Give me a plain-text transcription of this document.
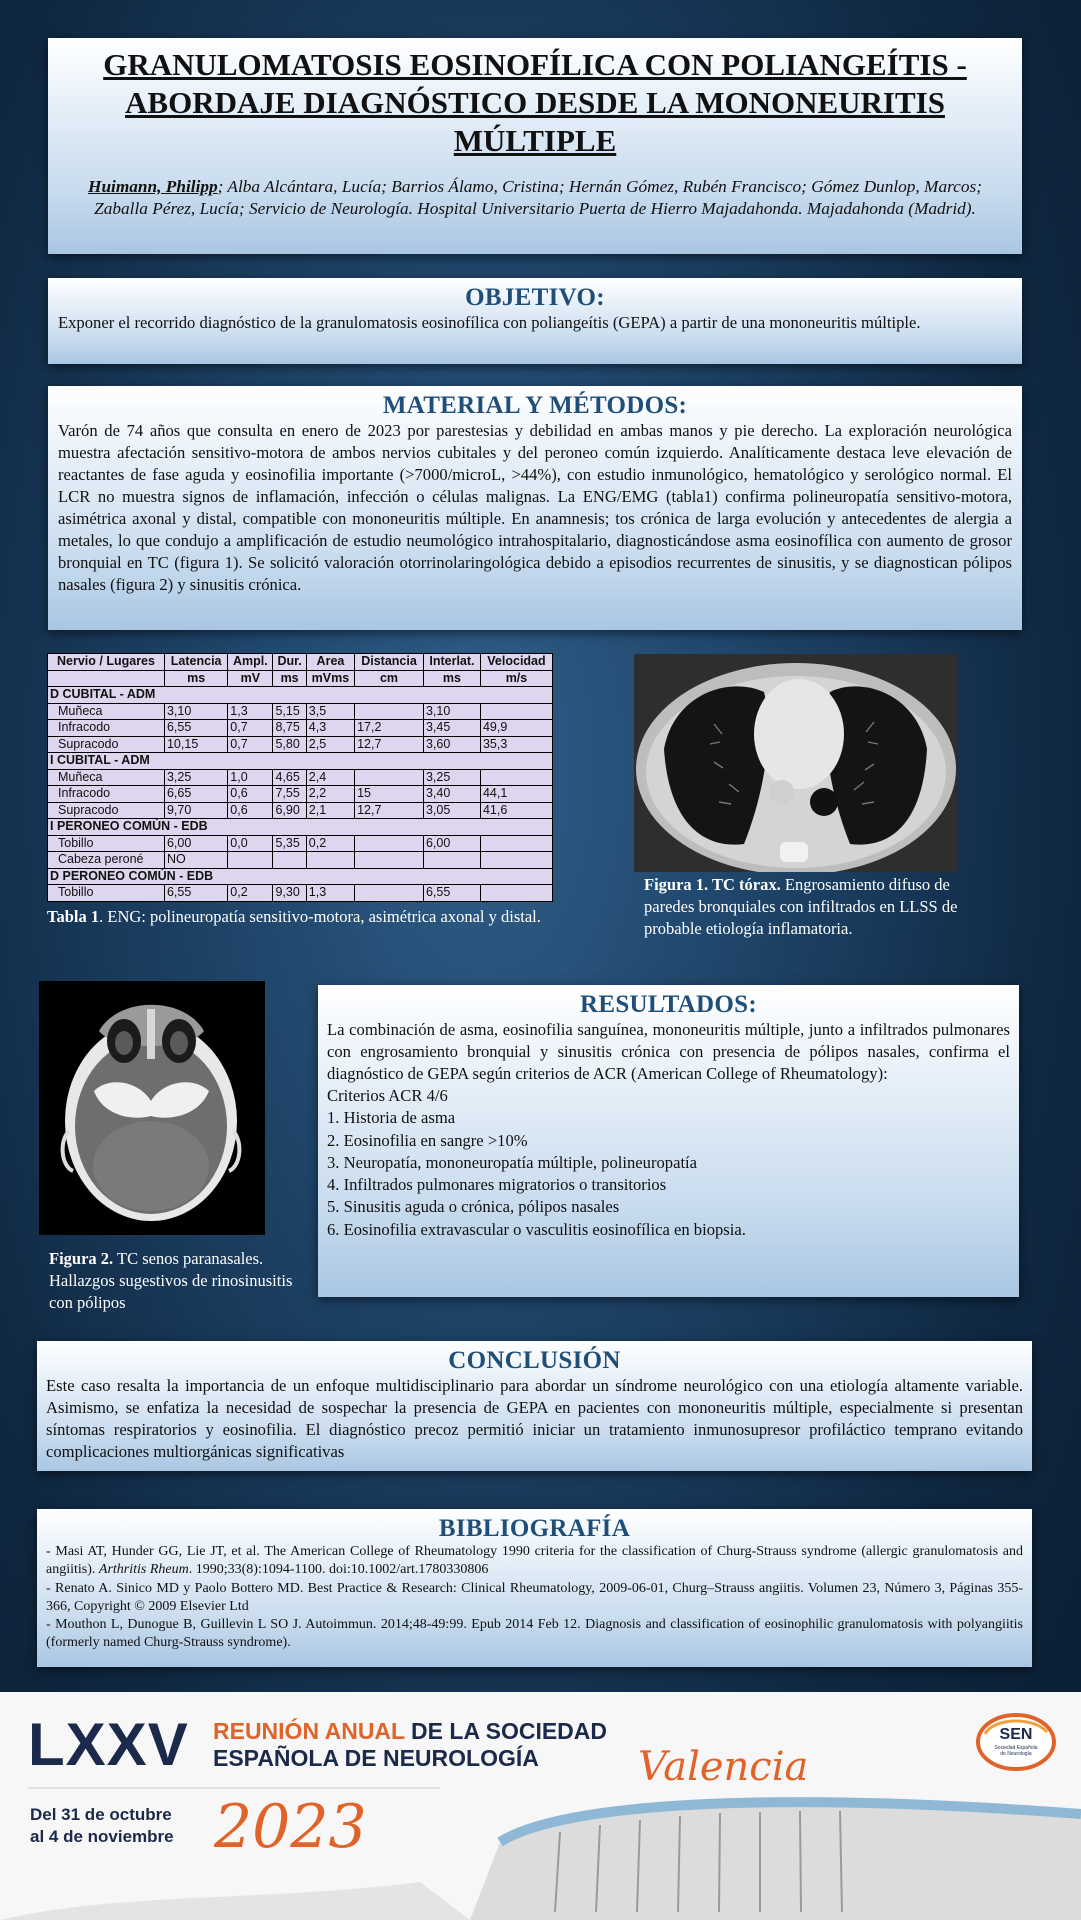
GRANULOMATOSIS EOSINOFÍLICA CON POLIANGEÍTIS -
ABORDAJE DIAGNÓSTICO DESDE LA MONONEURITIS
MÚLTIPLE
Huimann, Philipp; Alba Alcántara, Lucía; Barrios Álamo, Cristina; Hernán Gómez, Rubén Francisco; Gómez Dunlop, Marcos; Zaballa Pérez, Lucía; Servicio de Neurología. Hospital Universitario Puerta de Hierro Majadahonda. Majadahonda (Madrid).
OBJETIVO:

Exponer el recorrido diagnóstico de la granulomatosis eosinofílica con poliangeítis (GEPA) a partir de una mononeuritis múltiple.

MATERIAL Y MÉTODOS:

Varón de 74 años que consulta en enero de 2023 por parestesias y debilidad en ambas manos y pie derecho. La exploración neurológica muestra afectación sensitivo-motora de ambos nervios cubitales y del peroneo común izquierdo. Analíticamente destaca leve elevación de reactantes de fase aguda y eosinofilia importante (>7000/microL, >44%), con estudio inmunológico, hematológico y serológico normal. El LCR no muestra signos de inflamación, infección o células malignas. La ENG/EMG (tabla1) confirma polineuropatía sensitivo-motora, asimétrica axonal y distal, compatible con mononeuritis múltiple. En anamnesis; tos crónica de larga evolución y antecedentes de alergia a metales, lo que condujo a amplificación de estudio neumológico intrahospitalario, diagnosticándose asma eosinofílica con aumento de grosor bronquial en TC (figura 1). Se solicitó valoración otorrinolaringológica debido a episodios recurrentes de sinusitis, y se diagnostican pólipos nasales (figura 2) y sinusitis crónica.

Nervio / Lugares	Latencia	Ampl.	Dur.	Area	Distancia	Interlat.	Velocidad
	ms	mV	ms	mVms	cm	ms	m/s
D CUBITAL - ADM							
Muñeca	3,10	1,3	5,15	3,5		3,10	
Infracodo	6,55	0,7	8,75	4,3	17,2	3,45	49,9
Supracodo	10,15	0,7	5,80	2,5	12,7	3,60	35,3
I CUBITAL - ADM							
Muñeca	3,25	1,0	4,65	2,4		3,25	
Infracodo	6,65	0,6	7,55	2,2	15	3,40	44,1
Supracodo	9,70	0,6	6,90	2,1	12,7	3,05	41,6
I PERONEO COMÚN - EDB							
Tobillo	6,00	0,0	5,35	0,2		6,00	
Cabeza peroné	NO						
D PERONEO COMÚN - EDB							
Tobillo	6,55	0,2	9,30	1,3		6,55	
Tabla 1. ENG: polineuropatía sensitivo-motora, asimétrica axonal y distal.
Figura 1. TC tórax. Engrosamiento difuso de paredes bronquiales con infiltrados en LLSS de probable etiología inflamatoria.
Figura 2. TC senos paranasales. Hallazgos sugestivos de rinosinusitis con pólipos
RESULTADOS:

La combinación de asma, eosinofilia sanguínea, mononeuritis múltiple, junto a infiltrados pulmonares con engrosamiento bronquial y sinusitis crónica con presencia de pólipos nasales, confirma el diagnóstico de GEPA según criterios de ACR (American College of Rheumatology):

Criterios ACR 4/6
1. Historia de asma
2. Eosinofilia en sangre >10%
3. Neuropatía, mononeuropatía múltiple, polineuropatía
4. Infiltrados pulmonares migratorios o transitorios
5. Sinusitis aguda o crónica, pólipos nasales
6. Eosinofilia extravascular o vasculitis eosinofílica en biopsia.
CONCLUSIÓN

Este caso resalta la importancia de un enfoque multidisciplinario para abordar un síndrome neurológico con una etiología altamente variable. Asimismo, se enfatiza la necesidad de sospechar la presencia de GEPA en pacientes con mononeuritis múltiple, especialmente si presentan síntomas respiratorios y eosinofilia. El diagnóstico precoz permitió iniciar un tratamiento inmunosupresor profiláctico temprano evitando complicaciones multiorgánicas significativas

BIBLIOGRAFÍA

- Masi AT, Hunder GG, Lie JT, et al. The American College of Rheumatology 1990 criteria for the classification of Churg-Strauss syndrome (allergic granulomatosis and angiitis). Arthritis Rheum. 1990;33(8):1094-1100. doi:10.1002/art.1780330806

- Renato A. Sinico MD y Paolo Bottero MD. Best Practice & Research: Clinical Rheumatology, 2009-06-01, Churg–Strauss angiitis. Volumen 23, Número 3, Páginas 355-366, Copyright © 2009 Elsevier Ltd

- Mouthon L, Dunogue B, Guillevin L SO J. Autoimmun. 2014;48-49:99. Epub 2014 Feb 12. Diagnosis and classification of eosinophilic granulomatosis with polyangiitis (formerly named Churg-Strauss syndrome).

LXXV REUNIÓN ANUAL DE LA SOCIEDAD
ESPAÑOLA DE NEUROLOGÍA
Del 31 de octubre
al 4 de noviembre 2023
Valencia
SEN
Sociedad Española
de Neurología
